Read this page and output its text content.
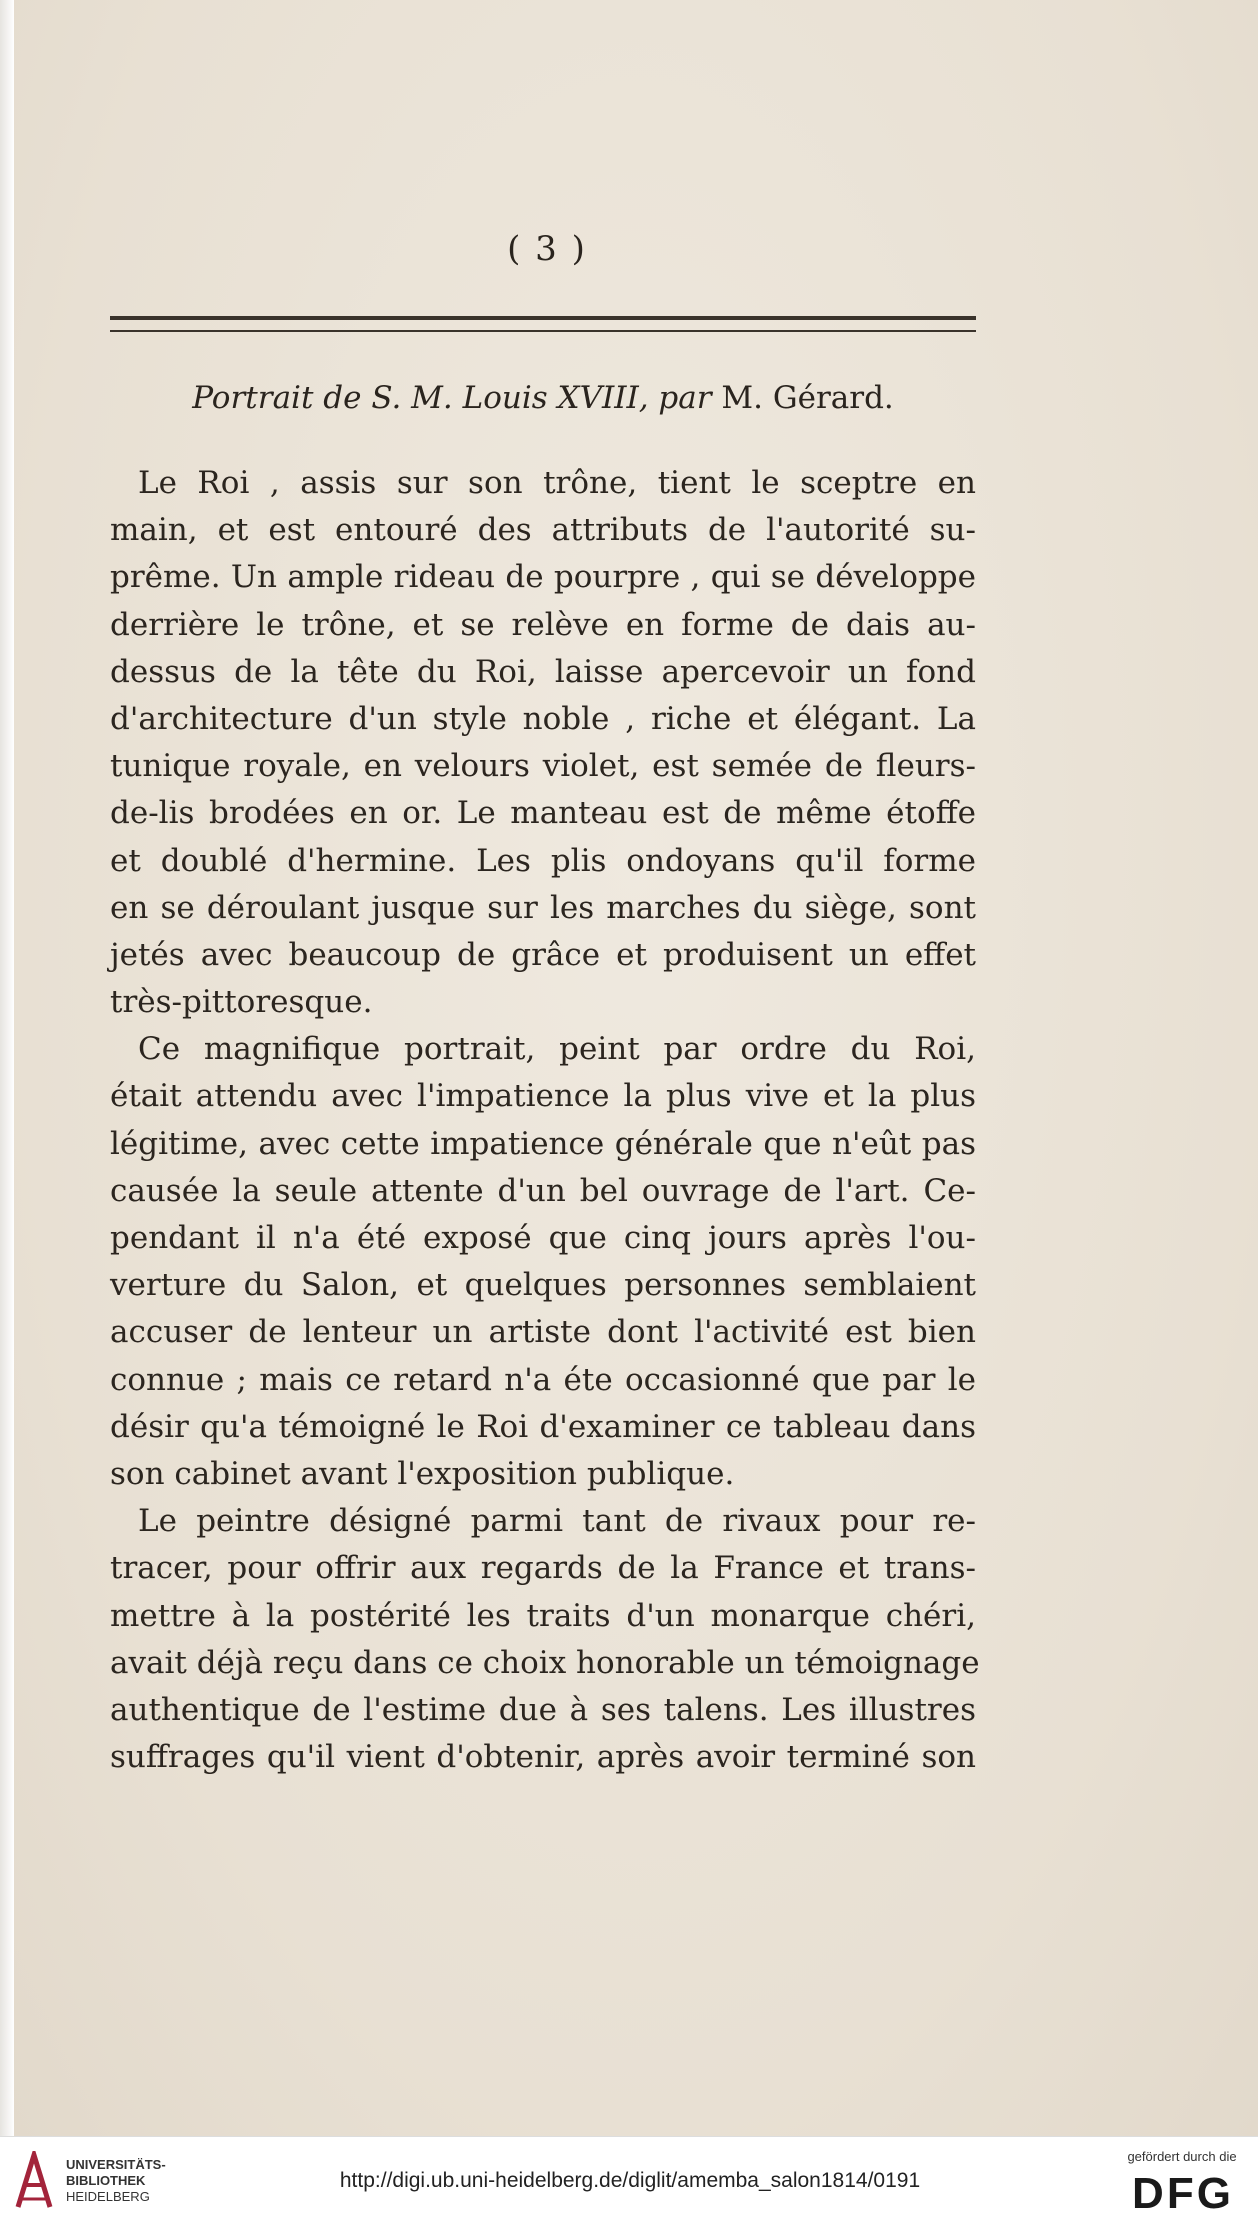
( 3 )
Portrait de S. M. Louis XVIII, par M. Gérard.
Le Roi , assis sur son trône, tient le sceptre en
main, et est entouré des attributs de l'autorité su-
prême. Un ample rideau de pourpre , qui se développe
derrière le trône, et se relève en forme de dais au-
dessus de la tête du Roi, laisse apercevoir un fond
d'architecture d'un style noble , riche et élégant. La
tunique royale, en velours violet, est semée de fleurs-
de-lis brodées en or. Le manteau est de même étoffe
et doublé d'hermine. Les plis ondoyans qu'il forme
en se déroulant jusque sur les marches du siège, sont
jetés avec beaucoup de grâce et produisent un effet
très-pittoresque.
Ce magnifique portrait, peint par ordre du Roi,
était attendu avec l'impatience la plus vive et la plus
légitime, avec cette impatience générale que n'eût pas
causée la seule attente d'un bel ouvrage de l'art. Ce-
pendant il n'a été exposé que cinq jours après l'ou-
verture du Salon, et quelques personnes semblaient
accuser de lenteur un artiste dont l'activité est bien
connue ; mais ce retard n'a éte occasionné que par le
désir qu'a témoigné le Roi d'examiner ce tableau dans
son cabinet avant l'exposition publique.
Le peintre désigné parmi tant de rivaux pour re-
tracer, pour offrir aux regards de la France et trans-
mettre à la postérité les traits d'un monarque chéri,
avait déjà reçu dans ce choix honorable un témoignage
authentique de l'estime due à ses talens. Les illustres
suffrages qu'il vient d'obtenir, après avoir terminé son
UNIVERSITÄTS-
BIBLIOTHEK
HEIDELBERG
http://digi.ub.uni-heidelberg.de/diglit/amemba_salon1814/0191
gefördert durch die
DFG
